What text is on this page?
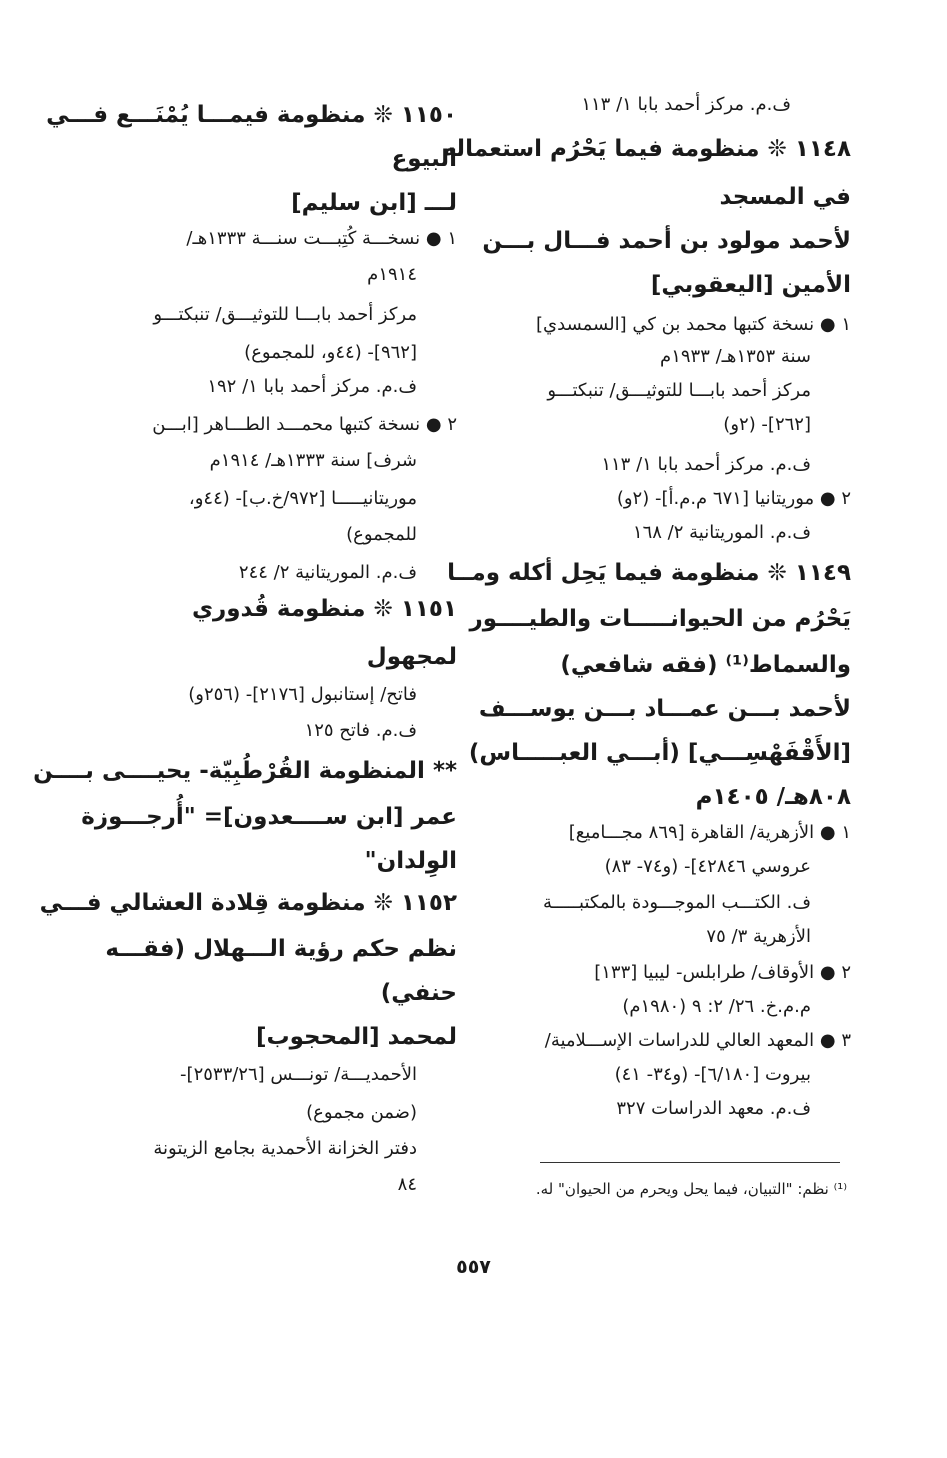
ف.م. مركز أحمد بابا ١/ ١١٣
١١٤٨ ❊ منظومة فيما يَحْرُم استعماله
في المسجد
لأحمد مولود بن أحمد فـــال بـــن
الأمين [اليعقوبي]
١ ● نسخة كتبها محمد بن كي [السمسدي]
سنة ١٣٥٣هـ/ ١٩٣٣م
مركز أحمد بابـــا للتوثيـــق/ تنبكتـــو
[٢٦٢]- (٢و)
ف.م. مركز أحمد بابا ١/ ١١٣
٢ ● موريتانيا [٦٧١ م.م.أ]- (٢و)
ف.م. الموريتانية ٢/ ١٦٨
١١٤٩ ❊ منظومة فيما يَحِل أكله ومــا
يَحْرُم من الحيوانـــــات والطيــــور
والسماط⁽¹⁾ (فقه شافعي)
لأحمد بـــن عمـــاد بـــن يوســـف
[الأَقْفَهْسِـــي] (أبـــي العبـــــاس)
٨٠٨هـ/ ١٤٠٥م
١ ● الأزهرية/ القاهرة [٨٦٩ مجـــاميع]
عروسي ٤٢٨٤٦]- (و٧٤- ٨٣)
ف. الكتـــب الموجـــودة بالمكتبـــــة
الأزهرية ٣/ ٧٥
٢ ● الأوقاف/ طرابلس- ليبيا [١٣٣]
م.م.خ. ٢٦/ ٢: ٩ (١٩٨٠م)
٣ ● المعهد العالي للدراسات الإســـلامية/
بيروت [٦/١٨٠]- (و٣٤- ٤١)
ف.م. معهد الدراسات ٣٢٧
١١٥٠ ❊ منظومة فيمـــا يُمْنَـــع فـــي
البيوع
لـــ [ابن سليم]
١ ● نسخـــة كُتِبـــت سنـــة ١٣٣٣هـ/
١٩١٤م
مركز أحمد بابـــا للتوثيـــق/ تنبكتـــو
[٩٦٢]- (٤٤و، للمجموع)
ف.م. مركز أحمد بابا ١/ ١٩٢
٢ ● نسخة كتبها محمـــد الطـــاهر [ابـــن
شرف] سنة ١٣٣٣هـ/ ١٩١٤م
موريتانيـــــا [٩٧٢/خ.ب]- (٤٤و،
للمجموع)
ف.م. الموريتانية ٢/ ٢٤٤
١١٥١ ❊ منظومة قُدوري
لمجهول
فاتح/ إستانبول [٢١٧٦]- (٢٥٦و)
ف.م. فاتح ١٢٥
** المنظومة القُرْطُبِيّة- يحيــــى بــــن
عمر [ابن ســــعدون]= "أُرجـــوزة
الوِلدان"
١١٥٢ ❊ منظومة قِلادة العشالي فـــي
نظم حكم رؤية الـــهلال (فقـــه
حنفي)
لمحمد [المحجوب]
الأحمديـــة/ تونـــس [٢٥٣٣/٢٦]-
(ضمن مجموع)
دفتر الخزانة الأحمدية بجامع الزيتونة
٨٤	⁽¹⁾ نظم: "التبيان، فيما يحل ويحرم من الحيوان" له.
٥٥٧
